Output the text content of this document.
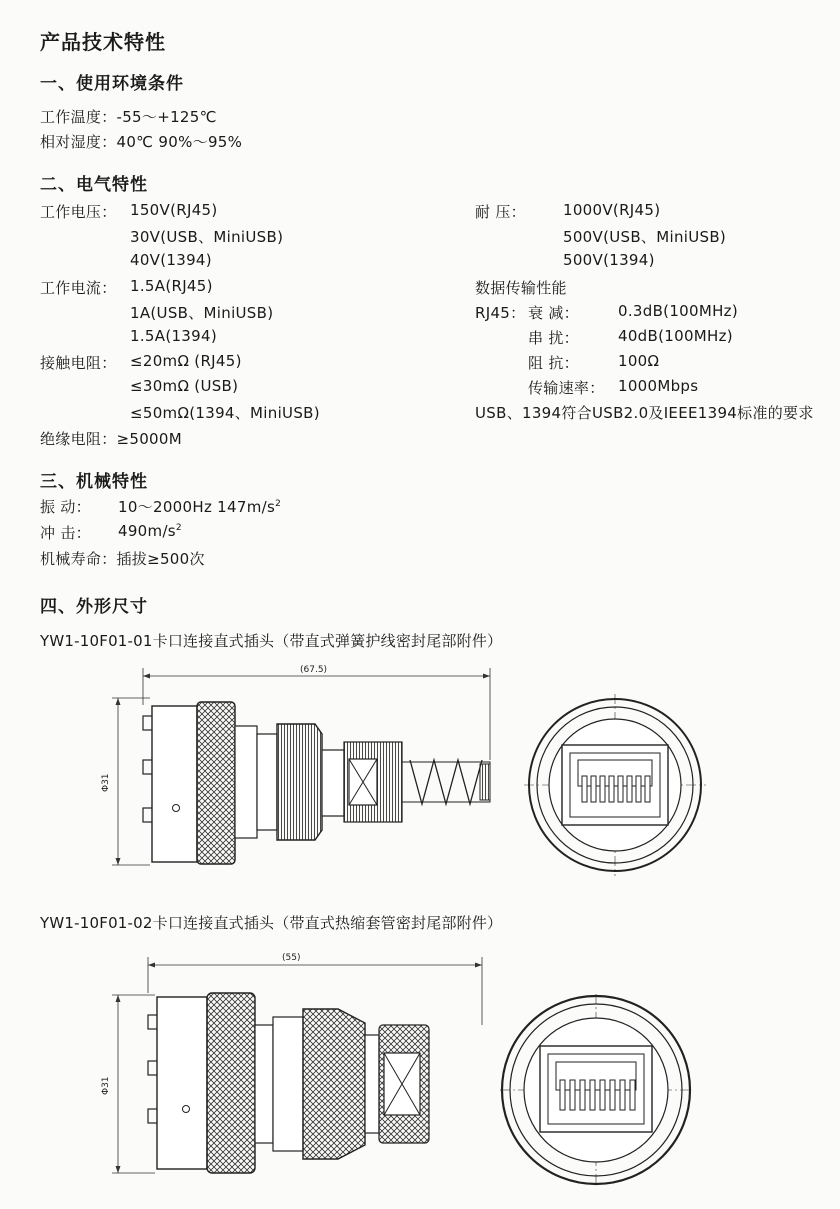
产品技术特性
一、使用环境条件
工作温度：-55～+125℃
相对湿度：40℃ 90%～95%
二、电气特性
工作电压： 150V(RJ45)
30V(USB、MiniUSB)
40V(1394)
工作电流： 1.5A(RJ45)
1A(USB、MiniUSB)
1.5A(1394)
接触电阻： ≤20mΩ (RJ45)
≤30mΩ (USB)
≤50mΩ(1394、MiniUSB)
绝缘电阻：≥5000M
耐 压： 1000V(RJ45)
500V(USB、MiniUSB)
500V(1394)
数据传输性能
RJ45： 衰 减：	0.3dB(100MHz)
串 扰：	40dB(100MHz)
阻 抗：	100Ω
传输速率： 1000Mbps
USB、1394符合USB2.0及IEEE1394标准的要求
三、机械特性
振 动： 10～2000Hz $147m/s^2$
冲 击： $490m/s^2$
机械寿命：插拔≥500次
四、外形尺寸
YW1-10F01-01卡口连接直式插头（带直式弹簧护线密封尾部附件）
(67.5)
Φ31
YW1-10F01-02卡口连接直式插头（带直式热缩套管密封尾部附件）
(55)
Φ31
